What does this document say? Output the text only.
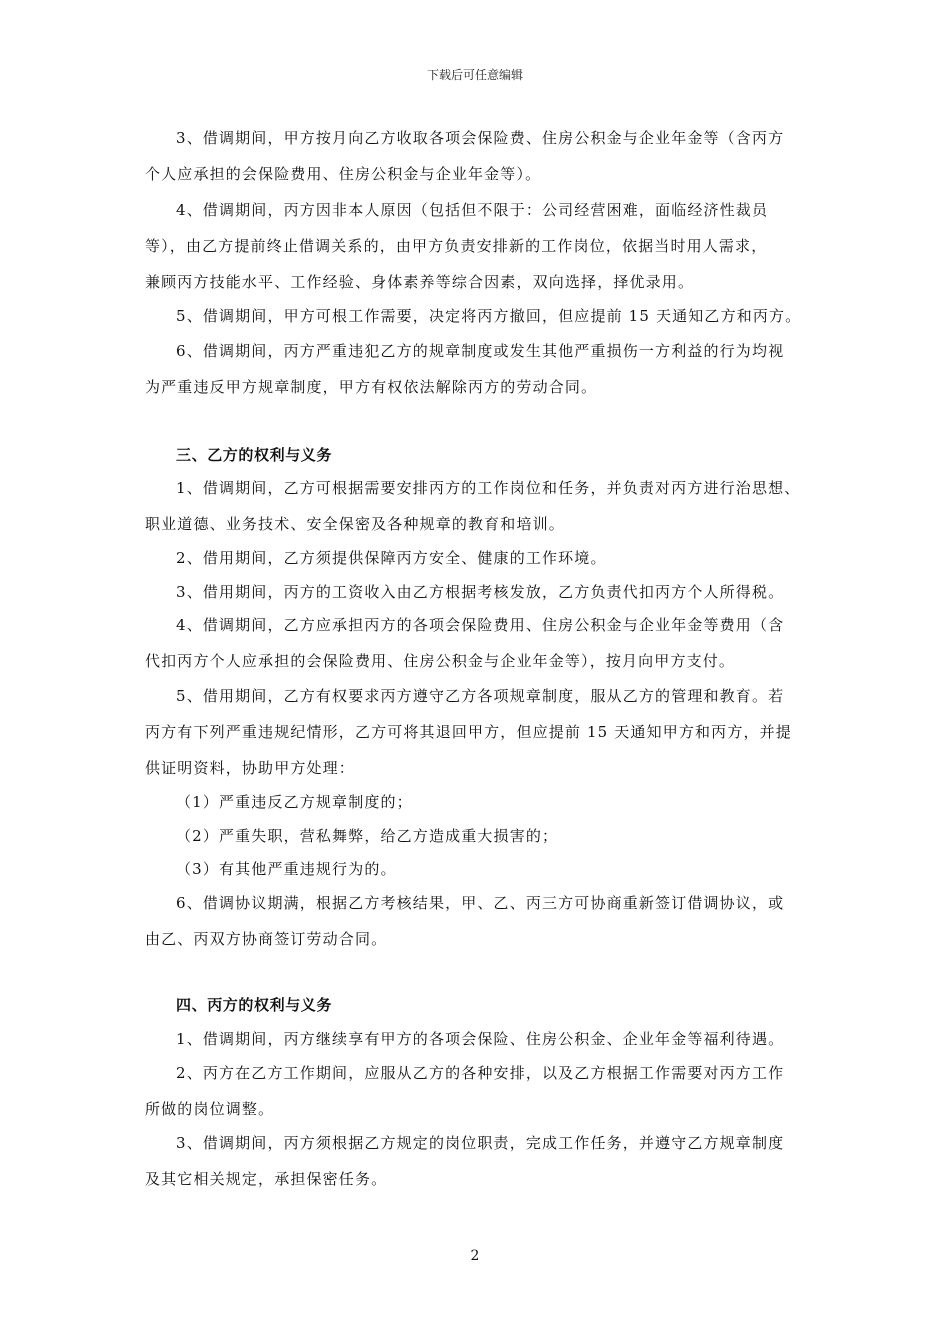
下载后可任意编辑
3、借调期间，甲方按月向乙方收取各项会保险费、住房公积金与企业年金等（含丙方
个人应承担的会保险费用、住房公积金与企业年金等）。
4、借调期间，丙方因非本人原因（包括但不限于：公司经营困难，面临经济性裁员
等），由乙方提前终止借调关系的，由甲方负责安排新的工作岗位，依据当时用人需求，
兼顾丙方技能水平、工作经验、身体素养等综合因素，双向选择，择优录用。
5、借调期间，甲方可根工作需要，决定将丙方撤回，但应提前 15 天通知乙方和丙方。
6、借调期间，丙方严重违犯乙方的规章制度或发生其他严重损伤一方利益的行为均视
为严重违反甲方规章制度，甲方有权依法解除丙方的劳动合同。
三、乙方的权利与义务
1、借调期间，乙方可根据需要安排丙方的工作岗位和任务，并负责对丙方进行治思想、
职业道德、业务技术、安全保密及各种规章的教育和培训。
2、借用期间，乙方须提供保障丙方安全、健康的工作环境。
3、借用期间，丙方的工资收入由乙方根据考核发放，乙方负责代扣丙方个人所得税。
4、借调期间，乙方应承担丙方的各项会保险费用、住房公积金与企业年金等费用（含
代扣丙方个人应承担的会保险费用、住房公积金与企业年金等），按月向甲方支付。
5、借用期间，乙方有权要求丙方遵守乙方各项规章制度，服从乙方的管理和教育。若
丙方有下列严重违规纪情形，乙方可将其退回甲方，但应提前 15 天通知甲方和丙方，并提
供证明资料，协助甲方处理：
（1）严重违反乙方规章制度的；
（2）严重失职，营私舞弊，给乙方造成重大损害的；
（3）有其他严重违规行为的。
6、借调协议期满，根据乙方考核结果，甲、乙、丙三方可协商重新签订借调协议，或
由乙、丙双方协商签订劳动合同。
四、丙方的权利与义务
1、借调期间，丙方继续享有甲方的各项会保险、住房公积金、企业年金等福利待遇。
2、丙方在乙方工作期间，应服从乙方的各种安排，以及乙方根据工作需要对丙方工作
所做的岗位调整。
3、借调期间，丙方须根据乙方规定的岗位职责，完成工作任务，并遵守乙方规章制度
及其它相关规定，承担保密任务。
2
